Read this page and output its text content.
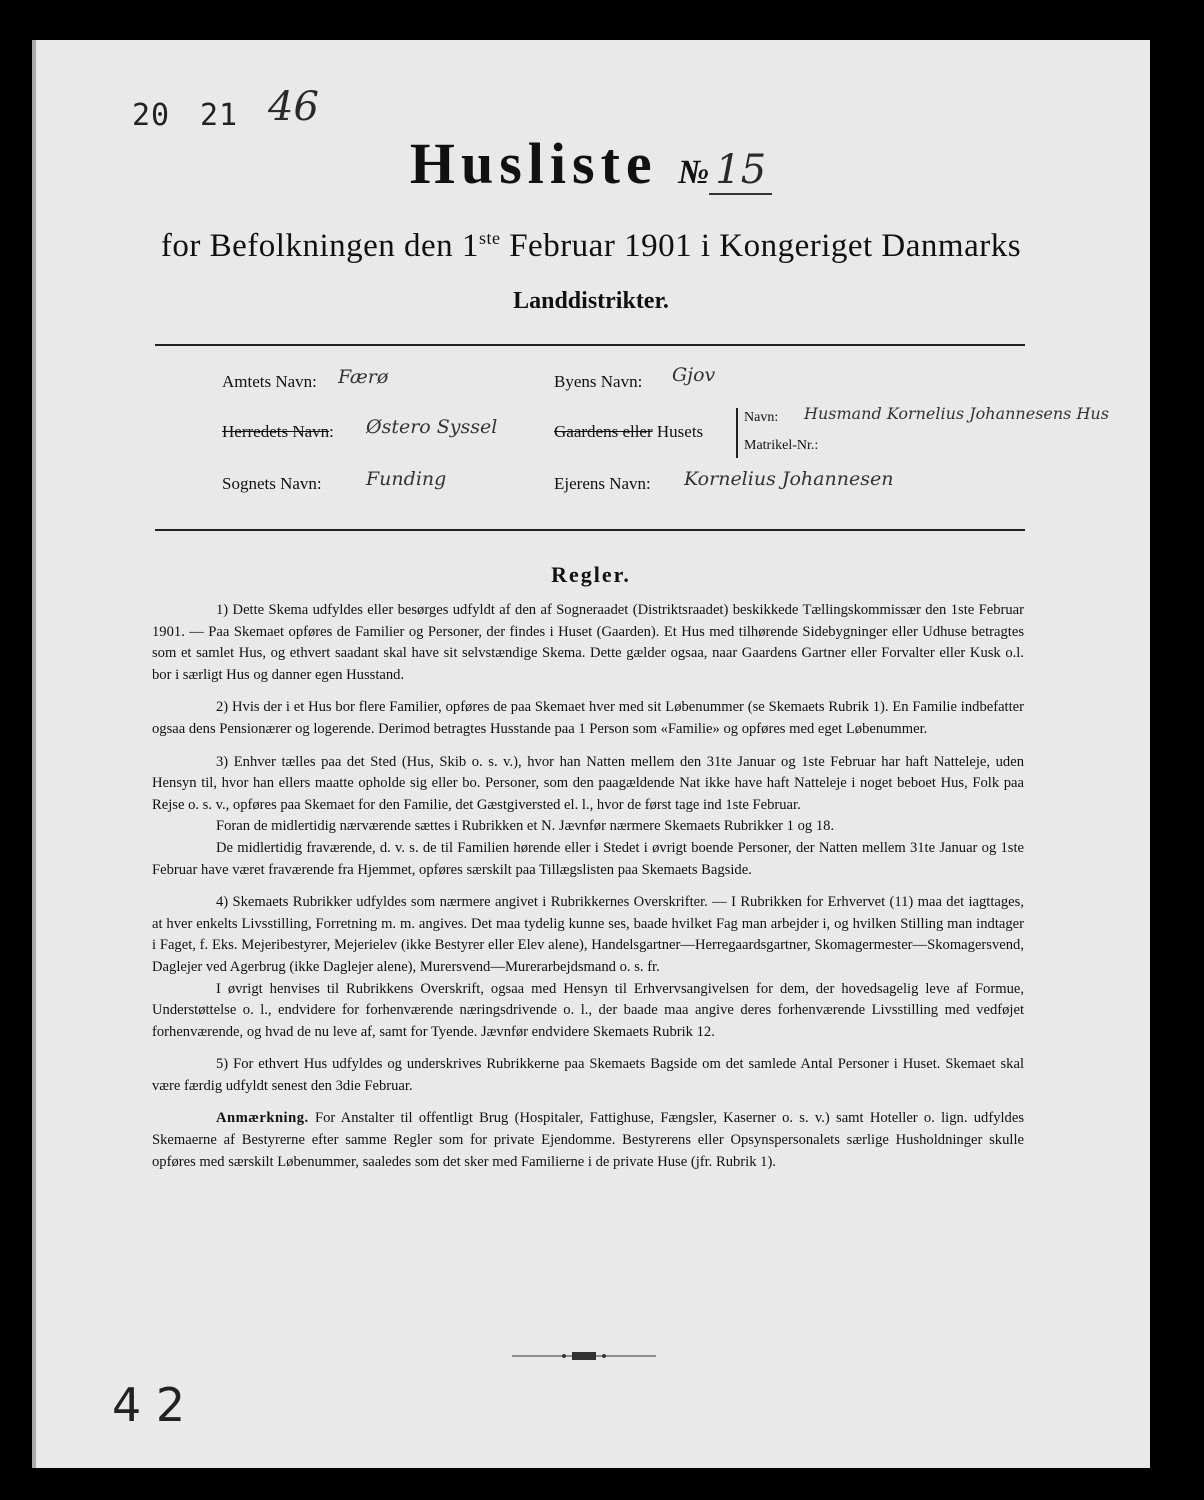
20 21 46
Husliste № 15
for Befolkningen den 1ste Februar 1901 i Kongeriget Danmarks
Landdistrikter.
Amtets Navn: Færø
Herredets Navn: Østero Syssel
Sognets Navn: Funding
Byens Navn: Gjov
Gaardens eller Husets
Navn:
Matrikel-Nr.:
Husmand Kornelius Johannesens Hus
Ejerens Navn: Kornelius Johannesen
Regler.

1) Dette Skema udfyldes eller besørges udfyldt af den af Sogneraadet (Distriktsraadet) beskikkede Tællingskommissær den 1ste Februar 1901. — Paa Skemaet opføres de Familier og Personer, der findes i Huset (Gaarden). Et Hus med tilhørende Sidebygninger eller Udhuse betragtes som et samlet Hus, og ethvert saadant skal have sit selvstændige Skema. Dette gælder ogsaa, naar Gaardens Gartner eller Forvalter eller Kusk o.l. bor i særligt Hus og danner egen Husstand.

2) Hvis der i et Hus bor flere Familier, opføres de paa Skemaet hver med sit Løbenummer (se Skemaets Rubrik 1). En Familie indbefatter ogsaa dens Pensionærer og logerende. Derimod betragtes Husstande paa 1 Person som «Familie» og opføres med eget Løbenummer.

3) Enhver tælles paa det Sted (Hus, Skib o. s. v.), hvor han Natten mellem den 31te Januar og 1ste Februar har haft Natteleje, uden Hensyn til, hvor han ellers maatte opholde sig eller bo. Personer, som den paagældende Nat ikke have haft Natteleje i noget beboet Hus, Folk paa Rejse o. s. v., opføres paa Skemaet for den Familie, det Gæstgiversted el. l., hvor de først tage ind 1ste Februar.

Foran de midlertidig nærværende sættes i Rubrikken et N. Jævnfør nærmere Skemaets Rubrikker 1 og 18.

De midlertidig fraværende, d. v. s. de til Familien hørende eller i Stedet i øvrigt boende Personer, der Natten mellem 31te Januar og 1ste Februar have været fraværende fra Hjemmet, opføres særskilt paa Tillægslisten paa Skemaets Bagside.

4) Skemaets Rubrikker udfyldes som nærmere angivet i Rubrikkernes Overskrifter. — I Rubrikken for Erhvervet (11) maa det iagttages, at hver enkelts Livsstilling, Forretning m. m. angives. Det maa tydelig kunne ses, baade hvilket Fag man arbejder i, og hvilken Stilling man indtager i Faget, f. Eks. Mejeribestyrer, Mejerielev (ikke Bestyrer eller Elev alene), Handelsgartner—Herregaardsgartner, Skomagermester—Skomagersvend, Daglejer ved Agerbrug (ikke Daglejer alene), Murersvend—Murerarbejdsmand o. s. fr.

I øvrigt henvises til Rubrikkens Overskrift, ogsaa med Hensyn til Erhvervsangivelsen for dem, der hovedsagelig leve af Formue, Understøttelse o. l., endvidere for forhenværende næringsdrivende o. l., der baade maa angive deres forhenværende Livsstilling med vedføjet forhenværende, og hvad de nu leve af, samt for Tyende. Jævnfør endvidere Skemaets Rubrik 12.

5) For ethvert Hus udfyldes og underskrives Rubrikkerne paa Skemaets Bagside om det samlede Antal Personer i Huset. Skemaet skal være færdig udfyldt senest den 3die Februar.

Anmærkning. For Anstalter til offentligt Brug (Hospitaler, Fattighuse, Fængsler, Kaserner o. s. v.) samt Hoteller o. lign. udfyldes Skemaerne af Bestyrerne efter samme Regler som for private Ejendomme. Bestyrerens eller Opsynspersonalets særlige Husholdninger skulle opføres med særskilt Løbenummer, saaledes som det sker med Familierne i de private Huse (jfr. Rubrik 1).

4 2
